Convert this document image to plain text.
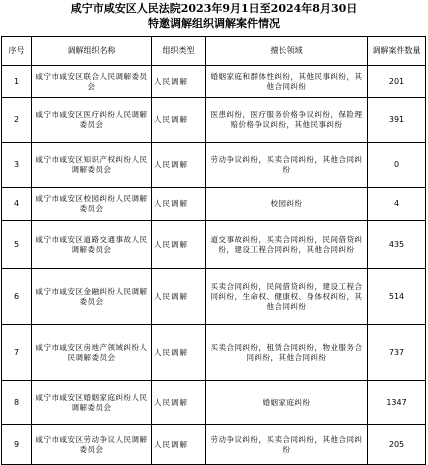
咸宁市咸安区人民法院2023年9月1日至2024年8月30日
特邀调解组织调解案件情况
序号	调解组织名称	组织类型	擅长领域	调解案件数量
1	咸宁市咸安区联合人民调解委员会	人民调解	婚姻家庭和群体性纠纷，其他民事纠纷，其他合同纠纷	201
2	咸宁市咸安区医疗纠纷人民调解委员会	人民调解	医患纠纷，医疗服务价格争议纠纷，保险理赔价格争议纠纷，其他民事纠纷	391
3	咸宁市咸安区知识产权纠纷人民调解委员会	人民调解	劳动争议纠纷，买卖合同纠纷，其他合同纠纷	0
4	咸宁市咸安区校园纠纷人民调解委员会	人民调解	校园纠纷	4
5	咸宁市咸安区道路交通事故人民调解委员会	人民调解	道交事故纠纷，买卖合同纠纷，民间借贷纠纷，建设工程合同纠纷，其他合同纠纷	435
6	咸宁市咸安区金融纠纷人民调解委员会	人民调解	买卖合同纠纷，民间借贷纠纷，建设工程合同纠纷，生命权、健康权、身体权纠纷，其他合同纠纷	514
7	咸宁市咸安区房地产领域纠纷人民调解委员会	人民调解	买卖合同纠纷，租赁合同纠纷，物业服务合同纠纷，其他合同纠纷	737
8	咸宁市咸安区婚姻家庭纠纷人民调解委员会	人民调解	婚姻家庭纠纷	1347
9	咸宁市咸安区劳动争议人民调解委员会	人民调解	劳动争议纠纷，买卖合同纠纷，其他合同纠纷	205
